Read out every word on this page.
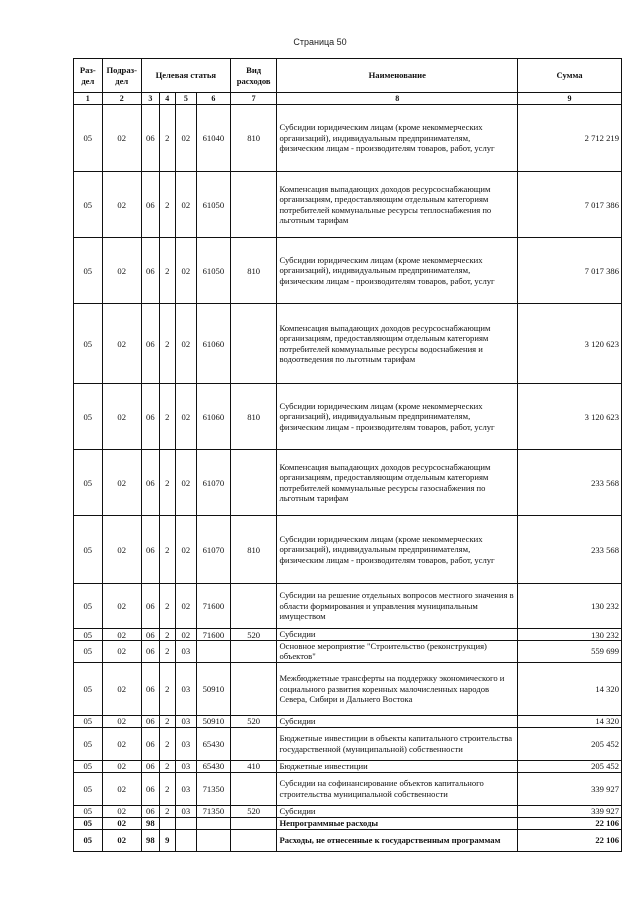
Страница 50
Раз-дел	Подраз-дел	Целевая статья				Вид расходов	Наименование	Сумма
1	2	3	4	5	6	7	8	9
05	02	06	2	02	61040	810	Субсидии юридическим лицам (кроме некоммерческих организаций), индивидуальным предпринимателям, физическим лицам - производителям товаров, работ, услуг	2 712 219
05	02	06	2	02	61050		Компенсация выпадающих доходов ресурсоснабжающим организациям, предоставляющим отдельным категориям потребителей коммунальные ресурсы теплоснабжения по льготным тарифам	7 017 386
05	02	06	2	02	61050	810	Субсидии юридическим лицам (кроме некоммерческих организаций), индивидуальным предпринимателям, физическим лицам - производителям товаров, работ, услуг	7 017 386
05	02	06	2	02	61060		Компенсация выпадающих доходов ресурсоснабжающим организациям, предоставляющим отдельным категориям потребителей коммунальные ресурсы водоснабжения и водоотведения по льготным тарифам	3 120 623
05	02	06	2	02	61060	810	Субсидии юридическим лицам (кроме некоммерческих организаций), индивидуальным предпринимателям, физическим лицам - производителям товаров, работ, услуг	3 120 623
05	02	06	2	02	61070		Компенсация выпадающих доходов ресурсоснабжающим организациям, предоставляющим отдельным категориям потребителей коммунальные ресурсы газоснабжения по льготным тарифам	233 568
05	02	06	2	02	61070	810	Субсидии юридическим лицам (кроме некоммерческих организаций), индивидуальным предпринимателям, физическим лицам - производителям товаров, работ, услуг	233 568
05	02	06	2	02	71600		Субсидии на решение отдельных вопросов местного значения в области формирования и управления муниципальным имуществом	130 232
05	02	06	2	02	71600	520	Субсидии	130 232
05	02	06	2	03			Основное мероприятие "Строительство (реконструкция) объектов"	559 699
05	02	06	2	03	50910		Межбюджетные трансферты на поддержку экономического и социального развития коренных малочисленных народов Севера, Сибири и Дальнего Востока	14 320
05	02	06	2	03	50910	520	Субсидии	14 320
05	02	06	2	03	65430		Бюджетные инвестиции в объекты капитального строительства государственной (муниципальной) собственности	205 452
05	02	06	2	03	65430	410	Бюджетные инвестиции	205 452
05	02	06	2	03	71350		Субсидии на софинансирование объектов капитального строительства муниципальной собственности	339 927
05	02	06	2	03	71350	520	Субсидии	339 927
05	02	98					Непрограммные расходы	22 106
05	02	98	9				Расходы, не отнесенные к государственным программам	22 106
